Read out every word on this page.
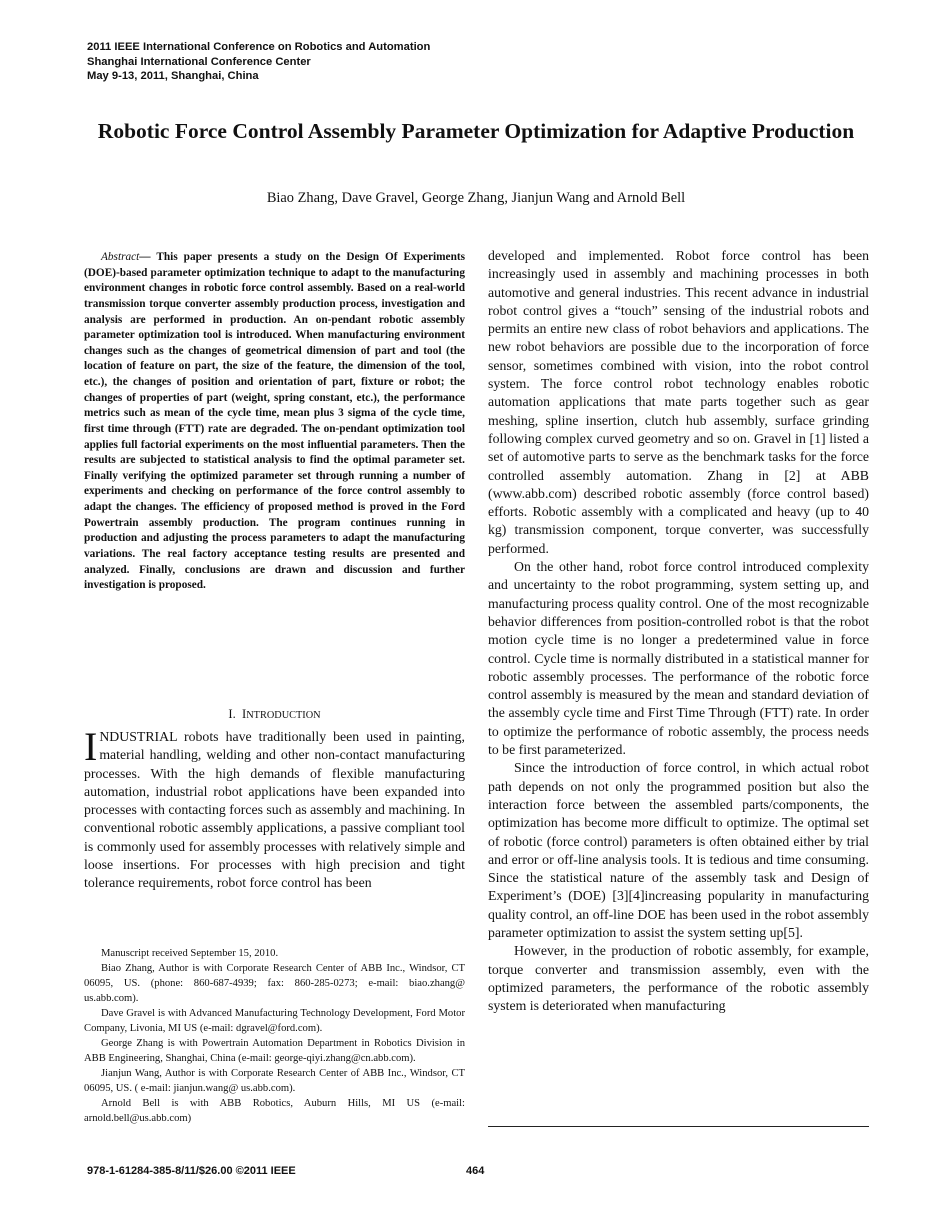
2011 IEEE International Conference on Robotics and Automation
Shanghai International Conference Center
May 9-13, 2011, Shanghai, China
Robotic Force Control Assembly Parameter Optimization for Adaptive Production
Biao Zhang, Dave Gravel, George Zhang, Jianjun Wang and Arnold Bell
Abstract— This paper presents a study on the Design Of Experiments (DOE)-based parameter optimization technique to adapt to the manufacturing environment changes in robotic force control assembly. Based on a real-world transmission torque converter assembly production process, investigation and analysis are performed in production. An on-pendant robotic assembly parameter optimization tool is introduced. When manufacturing environment changes such as the changes of geometrical dimension of part and tool (the location of feature on part, the size of the feature, the dimension of the tool, etc.), the changes of position and orientation of part, fixture or robot; the changes of properties of part (weight, spring constant, etc.), the performance metrics such as mean of the cycle time, mean plus 3 sigma of the cycle time, first time through (FTT) rate are degraded. The on-pendant optimization tool applies full factorial experiments on the most influential parameters. Then the results are subjected to statistical analysis to find the optimal parameter set. Finally verifying the optimized parameter set through running a number of experiments and checking on performance of the force control assembly to adapt the changes. The efficiency of proposed method is proved in the Ford Powertrain assembly production. The program continues running in production and adjusting the process parameters to adapt the manufacturing variations. The real factory acceptance testing results are presented and analyzed. Finally, conclusions are drawn and discussion and further investigation is proposed.
I. INTRODUCTION

INDUSTRIAL robots have traditionally been used in painting, material handling, welding and other non-contact manufacturing processes. With the high demands of flexible manufacturing automation, industrial robot applications have been expanded into processes with contacting forces such as assembly and machining. In conventional robotic assembly applications, a passive compliant tool is commonly used for assembly processes with relatively simple and loose insertions. For processes with high precision and tight tolerance requirements, robot force control has been

developed and implemented. Robot force control has been increasingly used in assembly and machining processes in both automotive and general industries. This recent advance in industrial robot control gives a “touch” sensing of the industrial robots and permits an entire new class of robot behaviors and applications. The new robot behaviors are possible due to the incorporation of force sensor, sometimes combined with vision, into the robot control system. The force control robot technology enables robotic automation applications that mate parts together such as gear meshing, spline insertion, clutch hub assembly, surface grinding following complex curved geometry and so on. Gravel in [1] listed a set of automotive parts to serve as the benchmark tasks for the force controlled assembly automation. Zhang in [2] at ABB (www.abb.com) described robotic assembly (force control based) efforts. Robotic assembly with a complicated and heavy (up to 40 kg) transmission component, torque converter, was successfully performed.

On the other hand, robot force control introduced complexity and uncertainty to the robot programming, system setting up, and manufacturing process quality control. One of the most recognizable behavior differences from position-controlled robot is that the robot motion cycle time is no longer a predetermined value in force control. Cycle time is normally distributed in a statistical manner for robotic assembly processes. The performance of the robotic force control assembly is measured by the mean and standard deviation of the assembly cycle time and First Time Through (FTT) rate. In order to optimize the performance of robotic assembly, the process needs to be first parameterized.

Since the introduction of force control, in which actual robot path depends on not only the programmed position but also the interaction force between the assembled parts/components, the optimization has become more difficult to optimize. The optimal set of robotic (force control) parameters is often obtained either by trial and error or off-line analysis tools. It is tedious and time consuming. Since the statistical nature of the assembly task and Design of Experiment’s (DOE) [3][4]increasing popularity in manufacturing quality control, an off-line DOE has been used in the robot assembly parameter optimization to assist the system setting up[5].

However, in the production of robotic assembly, for example, torque converter and transmission assembly, even with the optimized parameters, the performance of the robotic assembly system is deteriorated when manufacturing

Manuscript received September 15, 2010.

Biao Zhang, Author is with Corporate Research Center of ABB Inc., Windsor, CT 06095, US. (phone: 860-687-4939; fax: 860-285-0273; e-mail: biao.zhang@ us.abb.com).

Dave Gravel is with Advanced Manufacturing Technology Development, Ford Motor Company, Livonia, MI US (e-mail: dgravel@ford.com).

George Zhang is with Powertrain Automation Department in Robotics Division in ABB Engineering, Shanghai, China (e-mail: george-qiyi.zhang@cn.abb.com).

Jianjun Wang, Author is with Corporate Research Center of ABB Inc., Windsor, CT 06095, US. ( e-mail: jianjun.wang@ us.abb.com).

Arnold Bell is with ABB Robotics, Auburn Hills, MI US (e-mail: arnold.bell@us.abb.com)

978-1-61284-385-8/11/$26.00 ©2011 IEEE	464
